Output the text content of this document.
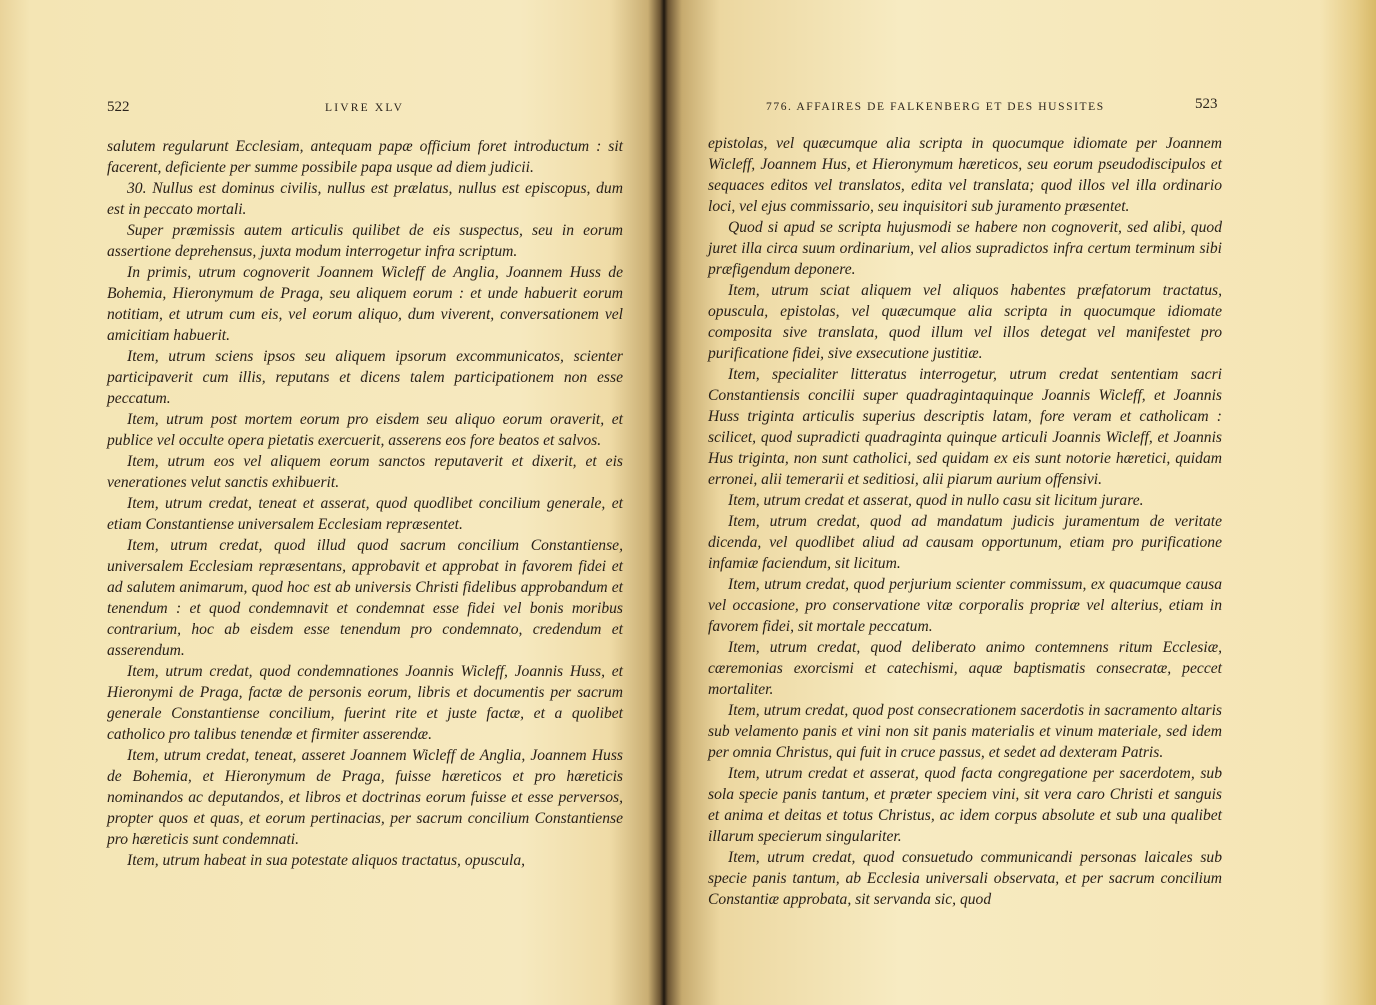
522	LIVRE XLV

salutem regularunt Ecclesiam, antequam papæ officium foret introductum : sit facerent, deficiente per summe possibile papa usque ad diem judicii.

30. Nullus est dominus civilis, nullus est prælatus, nullus est episcopus, dum est in peccato mortali.

Super præmissis autem articulis quilibet de eis suspectus, seu in eorum assertione deprehensus, juxta modum interrogetur infra scriptum.

In primis, utrum cognoverit Joannem Wicleff de Anglia, Joannem Huss de Bohemia, Hieronymum de Praga, seu aliquem eorum : et unde habuerit eorum notitiam, et utrum cum eis, vel eorum aliquo, dum viverent, conversationem vel amicitiam habuerit.

Item, utrum sciens ipsos seu aliquem ipsorum excommunicatos, scienter participaverit cum illis, reputans et dicens talem participationem non esse peccatum.

Item, utrum post mortem eorum pro eisdem seu aliquo eorum oraverit, et publice vel occulte opera pietatis exercuerit, asserens eos fore beatos et salvos.

Item, utrum eos vel aliquem eorum sanctos reputaverit et dixerit, et eis venerationes velut sanctis exhibuerit.

Item, utrum credat, teneat et asserat, quod quodlibet concilium generale, et etiam Constantiense universalem Ecclesiam repræsentet.

Item, utrum credat, quod illud quod sacrum concilium Constantiense, universalem Ecclesiam repræsentans, approbavit et approbat in favorem fidei et ad salutem animarum, quod hoc est ab universis Christi fidelibus approbandum et tenendum : et quod condemnavit et condemnat esse fidei vel bonis moribus contrarium, hoc ab eisdem esse tenendum pro condemnato, credendum et asserendum.

Item, utrum credat, quod condemnationes Joannis Wicleff, Joannis Huss, et Hieronymi de Praga, factæ de personis eorum, libris et documentis per sacrum generale Constantiense concilium, fuerint rite et juste factæ, et a quolibet catholico pro talibus tenendæ et firmiter asserendæ.

Item, utrum credat, teneat, asseret Joannem Wicleff de Anglia, Joannem Huss de Bohemia, et Hieronymum de Praga, fuisse hæreticos et pro hæreticis nominandos ac deputandos, et libros et doctrinas eorum fuisse et esse perversos, propter quos et quas, et eorum pertinacias, per sacrum concilium Constantiense pro hæreticis sunt condemnati.

Item, utrum habeat in sua potestate aliquos tractatus, opuscula,

776. AFFAIRES DE FALKENBERG ET DES HUSSITES	523

epistolas, vel quæcumque alia scripta in quocumque idiomate per Joannem Wicleff, Joannem Hus, et Hieronymum hæreticos, seu eorum pseudodiscipulos et sequaces editos vel translatos, edita vel translata; quod illos vel illa ordinario loci, vel ejus commissario, seu inquisitori sub juramento præsentet.

Quod si apud se scripta hujusmodi se habere non cognoverit, sed alibi, quod juret illa circa suum ordinarium, vel alios supradictos infra certum terminum sibi præfigendum deponere.

Item, utrum sciat aliquem vel aliquos habentes præfatorum tractatus, opuscula, epistolas, vel quæcumque alia scripta in quocumque idiomate composita sive translata, quod illum vel illos detegat vel manifestet pro purificatione fidei, sive exsecutione justitiæ.

Item, specialiter litteratus interrogetur, utrum credat sententiam sacri Constantiensis concilii super quadragintaquinque Joannis Wicleff, et Joannis Huss triginta articulis superius descriptis latam, fore veram et catholicam : scilicet, quod supradicti quadraginta quinque articuli Joannis Wicleff, et Joannis Hus triginta, non sunt catholici, sed quidam ex eis sunt notorie hæretici, quidam erronei, alii temerarii et seditiosi, alii piarum aurium offensivi.

Item, utrum credat et asserat, quod in nullo casu sit licitum jurare.

Item, utrum credat, quod ad mandatum judicis juramentum de veritate dicenda, vel quodlibet aliud ad causam opportunum, etiam pro purificatione infamiæ faciendum, sit licitum.

Item, utrum credat, quod perjurium scienter commissum, ex quacumque causa vel occasione, pro conservatione vitæ corporalis propriæ vel alterius, etiam in favorem fidei, sit mortale peccatum.

Item, utrum credat, quod deliberato animo contemnens ritum Ecclesiæ, cæremonias exorcismi et catechismi, aquæ baptismatis consecratæ, peccet mortaliter.

Item, utrum credat, quod post consecrationem sacerdotis in sacramento altaris sub velamento panis et vini non sit panis materialis et vinum materiale, sed idem per omnia Christus, qui fuit in cruce passus, et sedet ad dexteram Patris.

Item, utrum credat et asserat, quod facta congregatione per sacerdotem, sub sola specie panis tantum, et præter speciem vini, sit vera caro Christi et sanguis et anima et deitas et totus Christus, ac idem corpus absolute et sub una qualibet illarum specierum singulariter.

Item, utrum credat, quod consuetudo communicandi personas laicales sub specie panis tantum, ab Ecclesia universali observata, et per sacrum concilium Constantiæ approbata, sit servanda sic, quod
